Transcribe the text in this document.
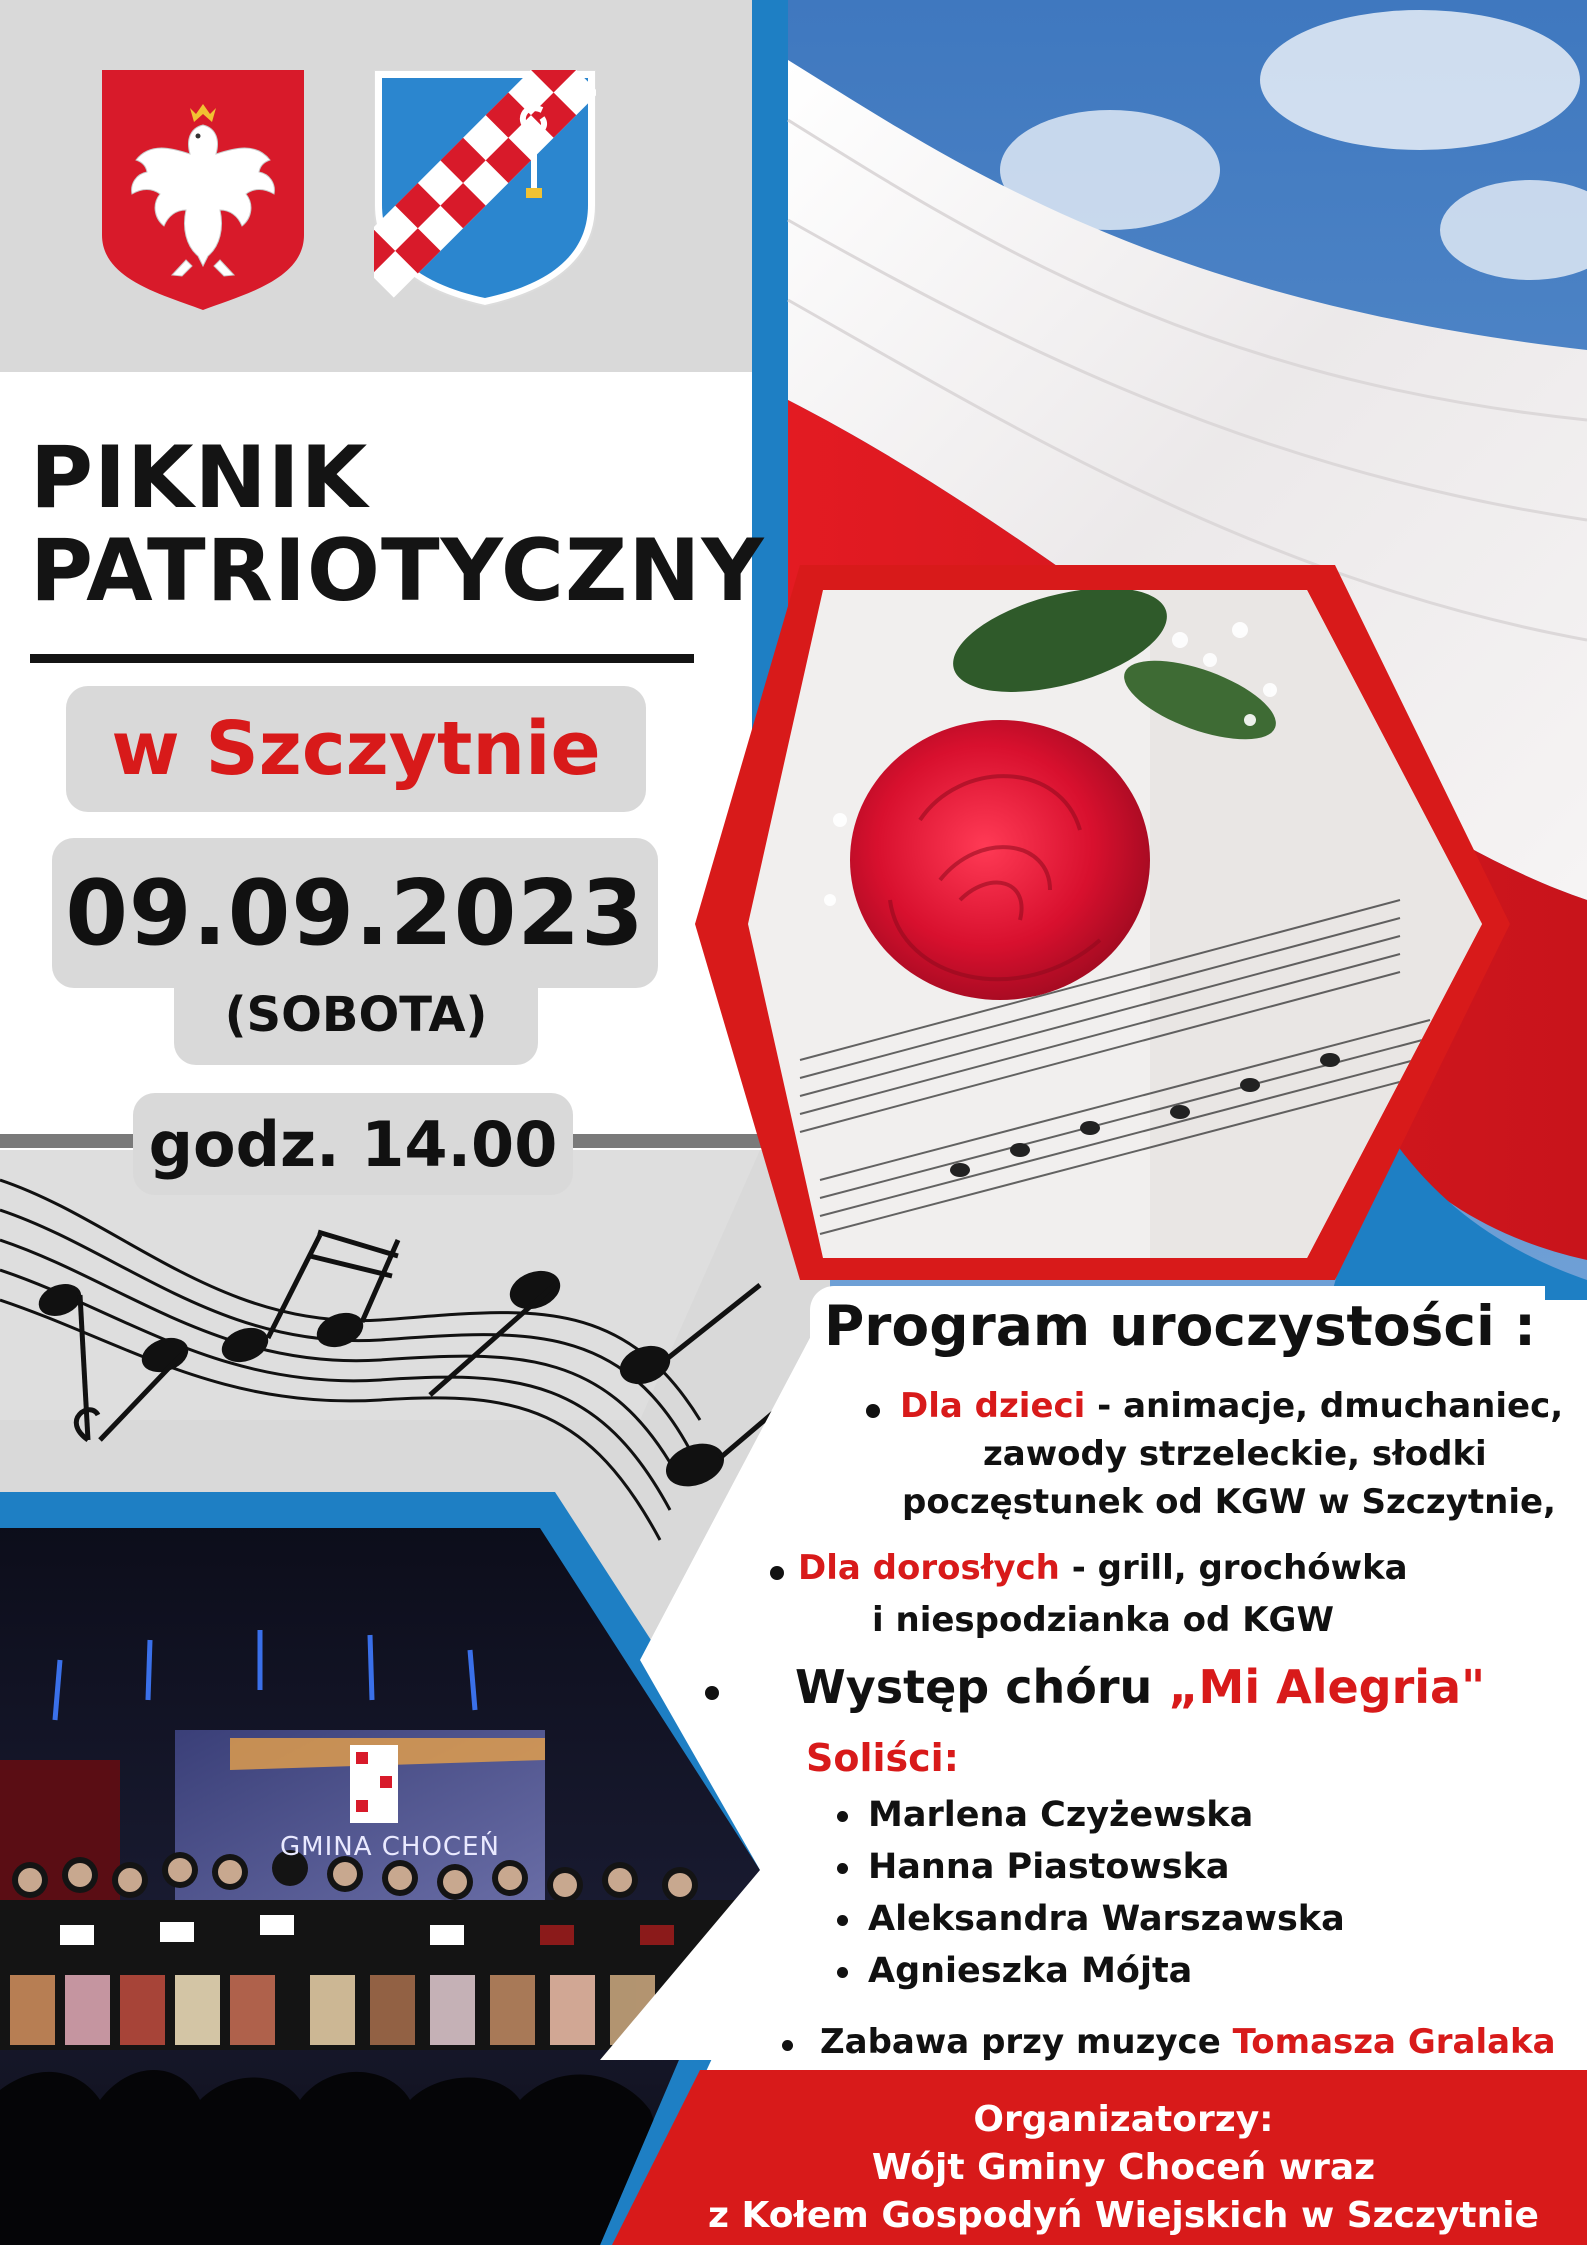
PIKNIK
PATRIOTYCZNY
w Szczytnie
09.09.2023
(SOBOTA)
godz. 14.00
GMINA CHOCEŃ
Program uroczystości :
Dla dzieci - animacje, dmuchaniec,
zawody strzeleckie, słodki
poczęstunek od KGW w Szczytnie,
Dla dorosłych - grill, grochówka
i niespodzianka od KGW
Występ chóru „Mi Alegria"
Soliści:
Marlena Czyżewska
Hanna Piastowska
Aleksandra Warszawska
Agnieszka Mójta
Zabawa przy muzyce Tomasza Gralaka
Organizatorzy:
Wójt Gminy Choceń wraz
z Kołem Gospodyń Wiejskich w Szczytnie
